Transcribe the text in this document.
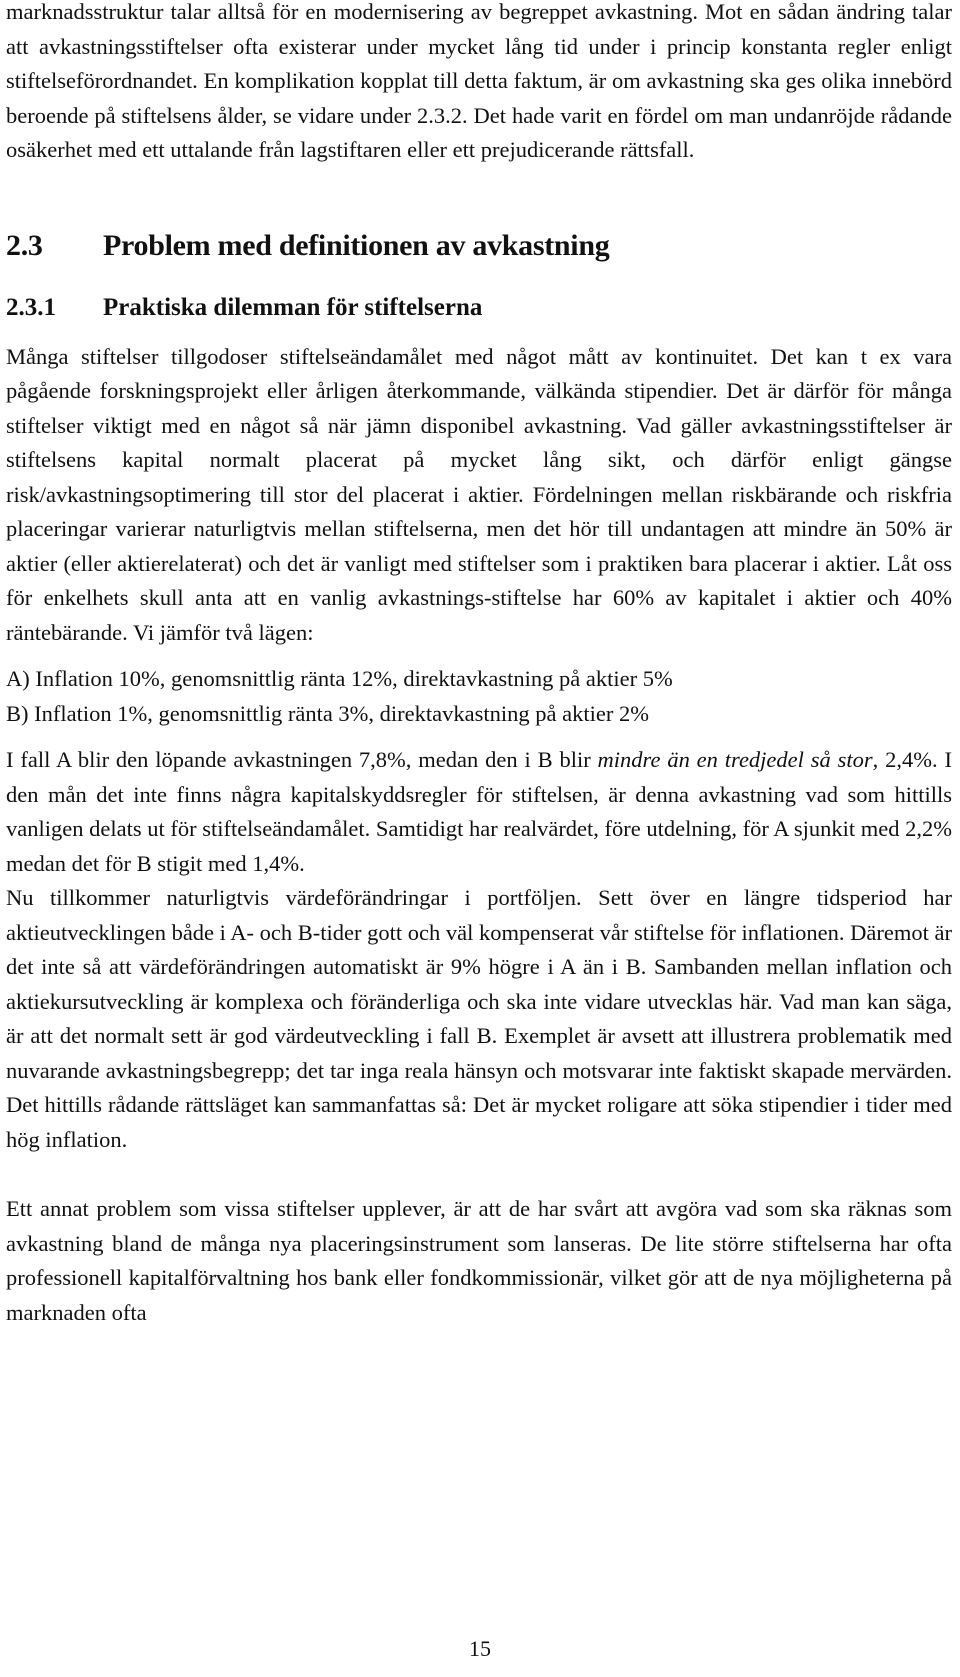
marknadsstruktur talar alltså för en modernisering av begreppet avkastning. Mot en sådan ändring talar att avkastningsstiftelser ofta existerar under mycket lång tid under i princip konstanta regler enligt stiftelseförordnandet. En komplikation kopplat till detta faktum, är om avkastning ska ges olika innebörd beroende på stiftelsens ålder, se vidare under 2.3.2. Det hade varit en fördel om man undanröjde rådande osäkerhet med ett uttalande från lagstiftaren eller ett prejudicerande rättsfall.

2.3 Problem med definitionen av avkastning
2.3.1 Praktiska dilemman för stiftelserna

Många stiftelser tillgodoser stiftelseändamålet med något mått av kontinuitet. Det kan t ex vara pågående forskningsprojekt eller årligen återkommande, välkända stipendier. Det är därför för många stiftelser viktigt med en något så när jämn disponibel avkastning. Vad gäller avkastningsstiftelser är stiftelsens kapital normalt placerat på mycket lång sikt, och därför enligt gängse risk/avkastningsoptimering till stor del placerat i aktier. Fördelningen mellan riskbärande och riskfria placeringar varierar naturligtvis mellan stiftelserna, men det hör till undantagen att mindre än 50% är aktier (eller aktierelaterat) och det är vanligt med stiftelser som i praktiken bara placerar i aktier. Låt oss för enkelhets skull anta att en vanlig avkastnings-stiftelse har 60% av kapitalet i aktier och 40% räntebärande. Vi jämför två lägen:

A) Inflation 10%, genomsnittlig ränta 12%, direktavkastning på aktier 5%

B) Inflation 1%, genomsnittlig ränta 3%, direktavkastning på aktier 2%

I fall A blir den löpande avkastningen 7,8%, medan den i B blir mindre än en tredjedel så stor, 2,4%. I den mån det inte finns några kapitalskyddsregler för stiftelsen, är denna avkastning vad som hittills vanligen delats ut för stiftelseändamålet. Samtidigt har realvärdet, före utdelning, för A sjunkit med 2,2% medan det för B stigit med 1,4%.

Nu tillkommer naturligtvis värdeförändringar i portföljen. Sett över en längre tidsperiod har aktieutvecklingen både i A- och B-tider gott och väl kompenserat vår stiftelse för inflationen. Däremot är det inte så att värdeförändringen automatiskt är 9% högre i A än i B. Sambanden mellan inflation och aktiekursutveckling är komplexa och föränderliga och ska inte vidare utvecklas här. Vad man kan säga, är att det normalt sett är god värdeutveckling i fall B. Exemplet är avsett att illustrera problematik med nuvarande avkastningsbegrepp; det tar inga reala hänsyn och motsvarar inte faktiskt skapade mervärden. Det hittills rådande rättsläget kan sammanfattas så: Det är mycket roligare att söka stipendier i tider med hög inflation.

Ett annat problem som vissa stiftelser upplever, är att de har svårt att avgöra vad som ska räknas som avkastning bland de många nya placeringsinstrument som lanseras. De lite större stiftelserna har ofta professionell kapitalförvaltning hos bank eller fondkommissionär, vilket gör att de nya möjligheterna på marknaden ofta

15
